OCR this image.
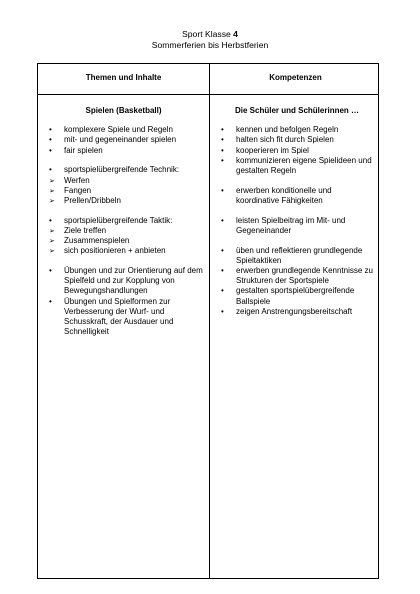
Sport Klasse 4
Sommerferien bis Herbstferien
Themen und Inhalte	Kompetenzen
Spielen (Basketball)
•
komplexere Spiele und Regeln
•
mit- und gegeneinander spielen
•
fair spielen
•
sportspielübergreifende Technik:
➢
Werfen
➢
Fangen
➢
Prellen/Dribbeln
•
sportspielübergreifende Taktik:
➢
Ziele treffen
➢
Zusammenspielen
➢
sich positionieren + anbieten
•
Übungen und zur Orientierung auf dem Spielfeld und zur Kopplung von Bewegungshandlungen
•
Übungen und Spielformen zur Verbesserung der Wurf- und Schusskraft, der Ausdauer und Schnelligkeit
Die Schüler und Schülerinnen …
•
kennen und befolgen Regeln
•
halten sich fit durch Spielen
•
kooperieren im Spiel
•
kommunizieren eigene Spielideen und gestalten Regeln
•
erwerben konditionelle und koordinative Fähigkeiten
•
leisten Spielbeitrag im Mit- und Gegeneinander
•
üben und reflektieren grundlegende Spieltaktiken
•
erwerben grundlegende Kenntnisse zu Strukturen der Sportspiele
•
gestalten sportspielübergreifende Ballspiele
•
zeigen Anstrengungsbereitschaft
